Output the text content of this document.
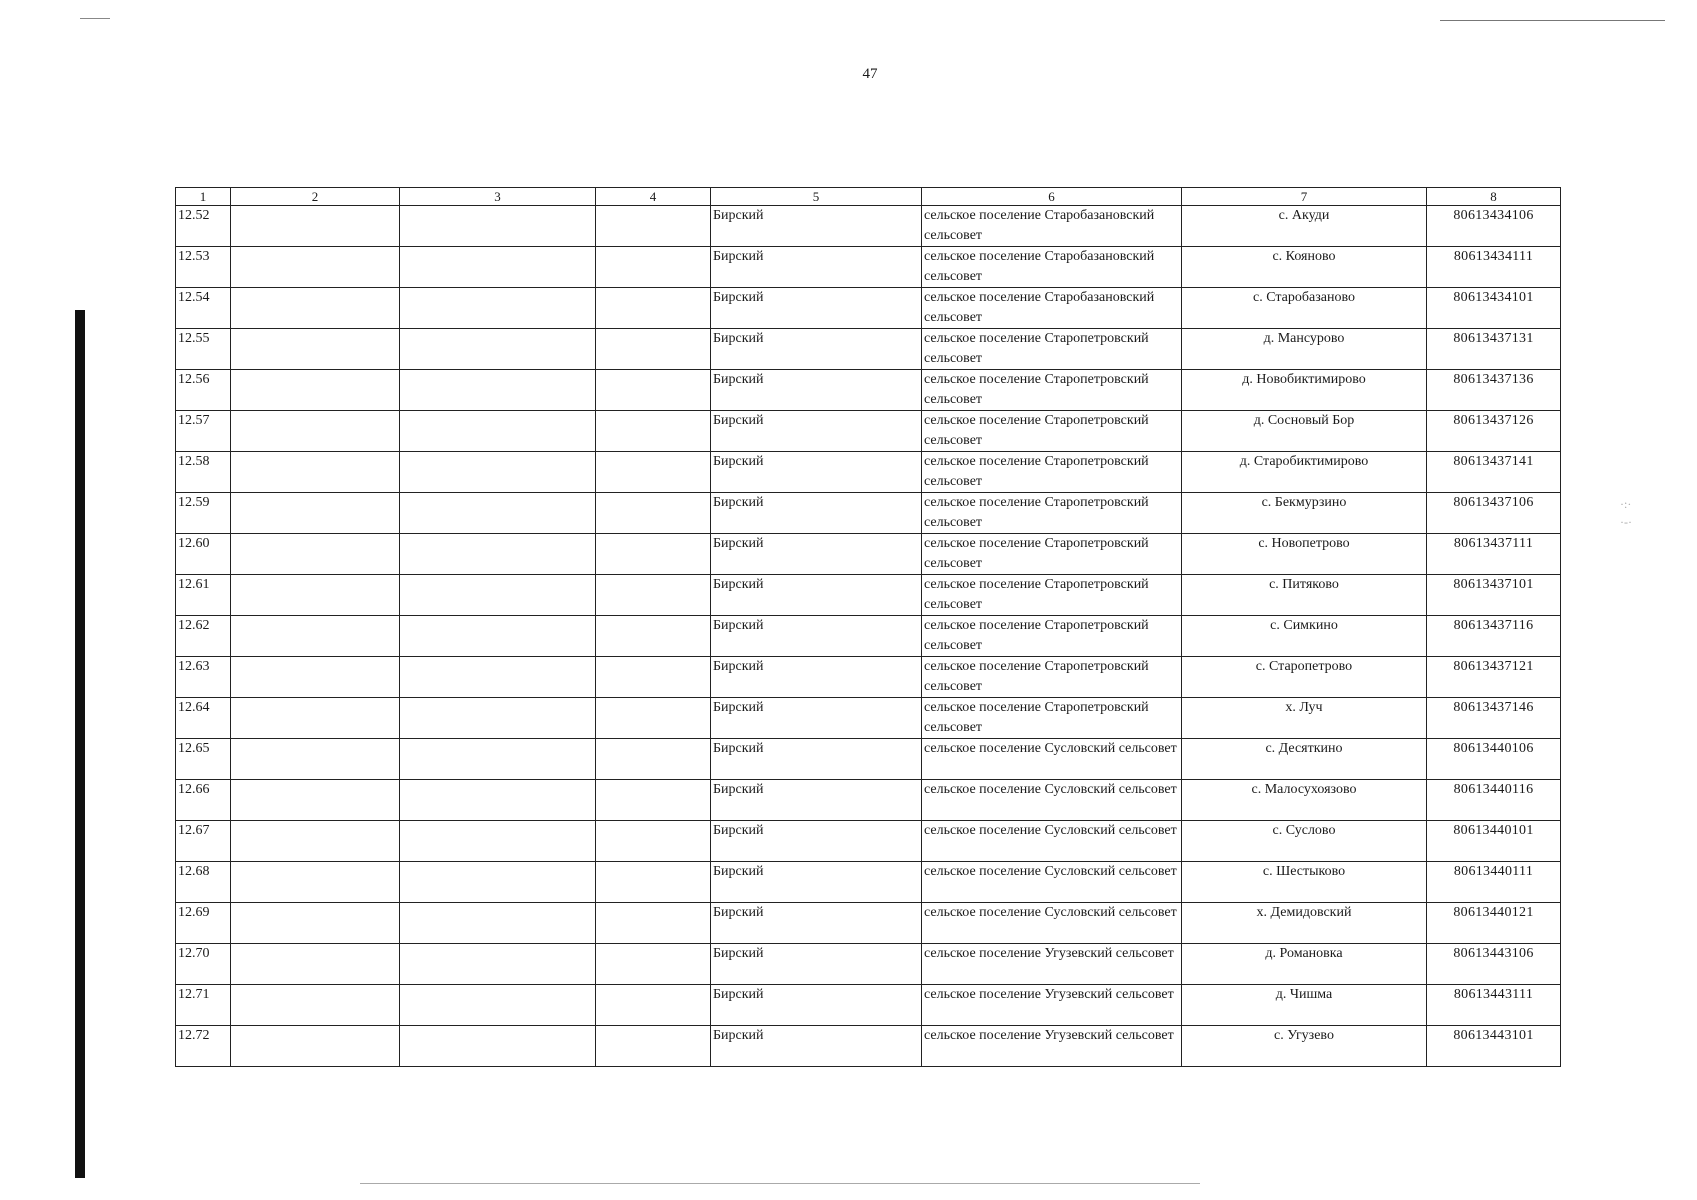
·:·
·-·
47
1	2	3	4	5	6	7	8
12.52				Бирский	сельское поселение Старобазановский сельсовет	с. Акуди	80613434106
12.53				Бирский	сельское поселение Старобазановский сельсовет	с. Кояново	80613434111
12.54				Бирский	сельское поселение Старобазановский сельсовет	с. Старобазаново	80613434101
12.55				Бирский	сельское поселение Старопетровский сельсовет	д. Мансурово	80613437131
12.56				Бирский	сельское поселение Старопетровский сельсовет	д. Новобиктимирово	80613437136
12.57				Бирский	сельское поселение Старопетровский сельсовет	д. Сосновый Бор	80613437126
12.58				Бирский	сельское поселение Старопетровский сельсовет	д. Старобиктимирово	80613437141
12.59				Бирский	сельское поселение Старопетровский сельсовет	с. Бекмурзино	80613437106
12.60				Бирский	сельское поселение Старопетровский сельсовет	с. Новопетрово	80613437111
12.61				Бирский	сельское поселение Старопетровский сельсовет	с. Питяково	80613437101
12.62				Бирский	сельское поселение Старопетровский сельсовет	с. Симкино	80613437116
12.63				Бирский	сельское поселение Старопетровский сельсовет	с. Старопетрово	80613437121
12.64				Бирский	сельское поселение Старопетровский сельсовет	х. Луч	80613437146
12.65				Бирский	сельское поселение Сусловский сельсовет	с. Десяткино	80613440106
12.66				Бирский	сельское поселение Сусловский сельсовет	с. Малосухоязово	80613440116
12.67				Бирский	сельское поселение Сусловский сельсовет	с. Суслово	80613440101
12.68				Бирский	сельское поселение Сусловский сельсовет	с. Шестыково	80613440111
12.69				Бирский	сельское поселение Сусловский сельсовет	х. Демидовский	80613440121
12.70				Бирский	сельское поселение Угузевский сельсовет	д. Романовка	80613443106
12.71				Бирский	сельское поселение Угузевский сельсовет	д. Чишма	80613443111
12.72				Бирский	сельское поселение Угузевский сельсовет	с. Угузево	80613443101
